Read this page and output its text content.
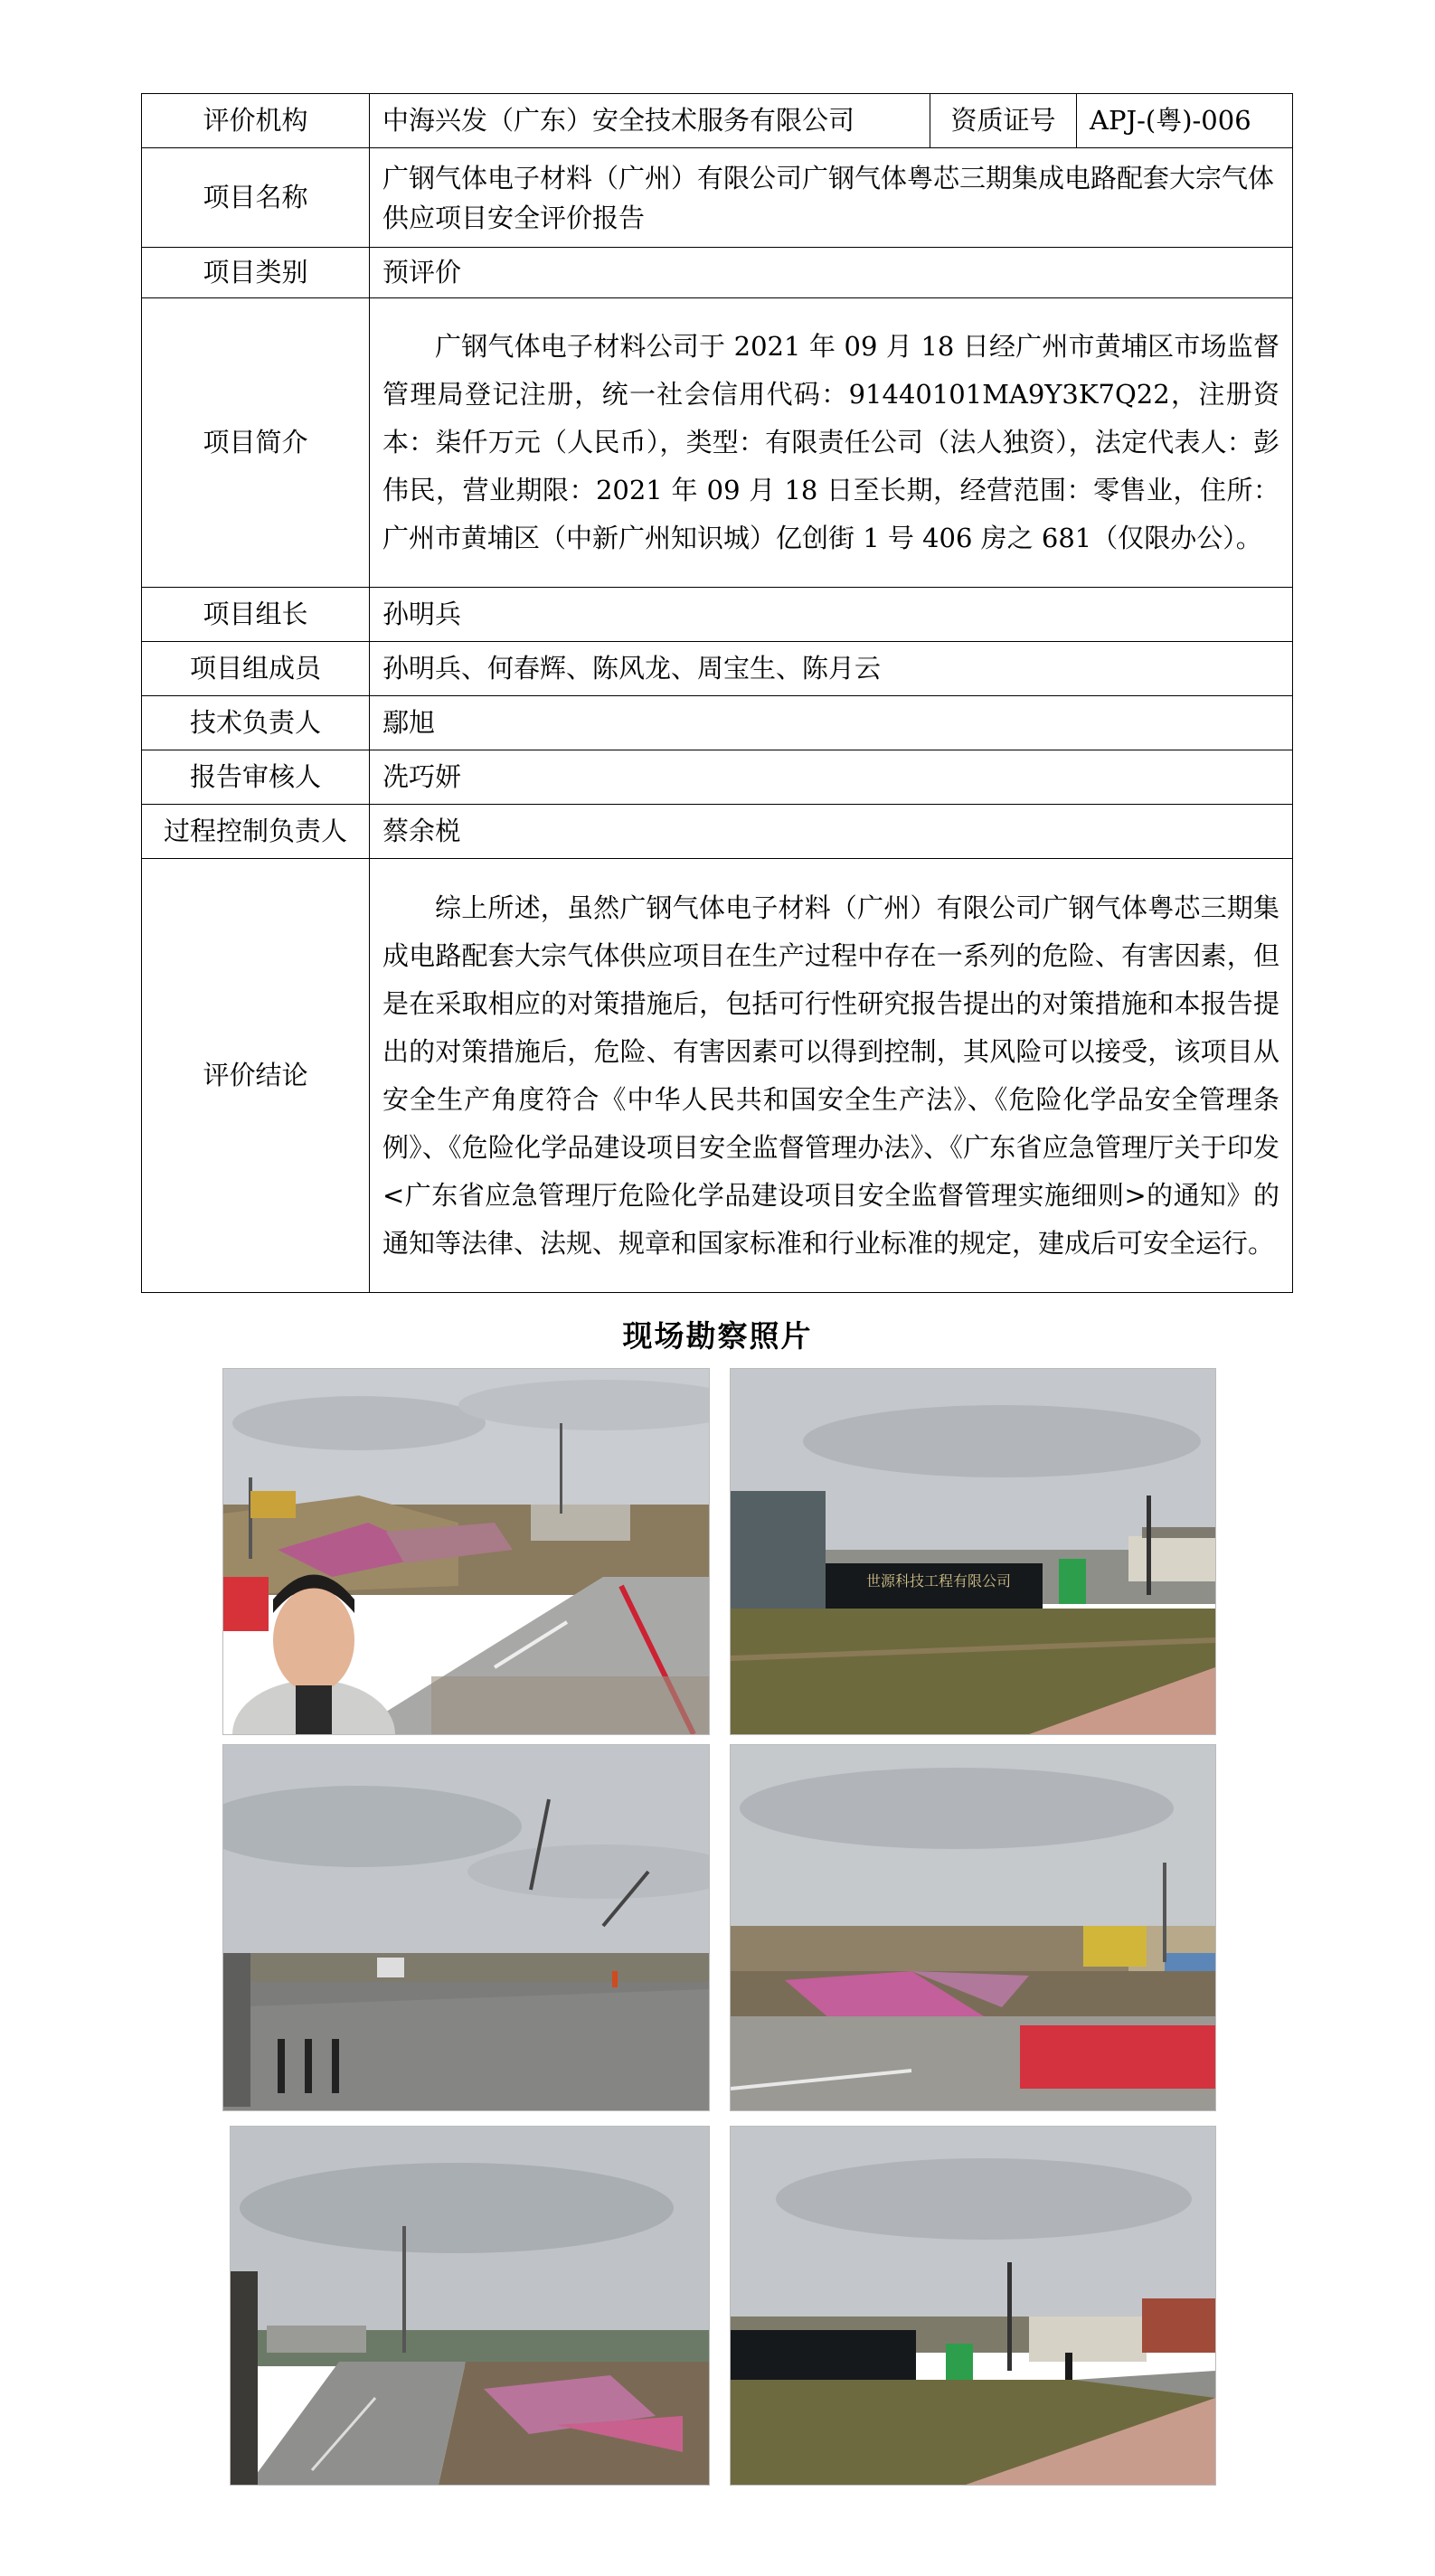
评价机构	中海兴发（广东）安全技术服务有限公司	资质证号	APJ-(粤)-006
项目名称	广钢气体电子材料（广州）有限公司广钢气体粤芯三期集成电路配套大宗气体供应项目安全评价报告		
项目类别	预评价		
项目简介	广钢气体电子材料公司于 2021 年 09 月 18 日经广州市黄埔区市场监督管理局登记注册，统一社会信用代码：91440101MA9Y3K7Q22，注册资本：柒仟万元（人民币），类型：有限责任公司（法人独资），法定代表人：彭伟民，营业期限：2021 年 09 月 18 日至长期，经营范围：零售业，住所：广州市黄埔区（中新广州知识城）亿创街 1 号 406 房之 681（仅限办公）。		

项目组长	孙明兵		
项目组成员	孙明兵、何春辉、陈风龙、周宝生、陈月云		
技术负责人	鄢旭		
报告审核人	冼巧妍		
过程控制负责人	蔡余棁		
评价结论	综上所述，虽然广钢气体电子材料（广州）有限公司广钢气体粤芯三期集成电路配套大宗气体供应项目在生产过程中存在一系列的危险、有害因素，但是在采取相应的对策措施后，包括可行性研究报告提出的对策措施和本报告提出的对策措施后，危险、有害因素可以得到控制，其风险可以接受，该项目从安全生产角度符合《中华人民共和国安全生产法》、《危险化学品安全管理条例》、《危险化学品建设项目安全监督管理办法》、《广东省应急管理厅关于印发<广东省应急管理厅危险化学品建设项目安全监督管理实施细则>的通知》的通知等法律、法规、规章和国家标准和行业标准的规定，建成后可安全运行。		
现场勘察照片
世源科技工程有限公司
